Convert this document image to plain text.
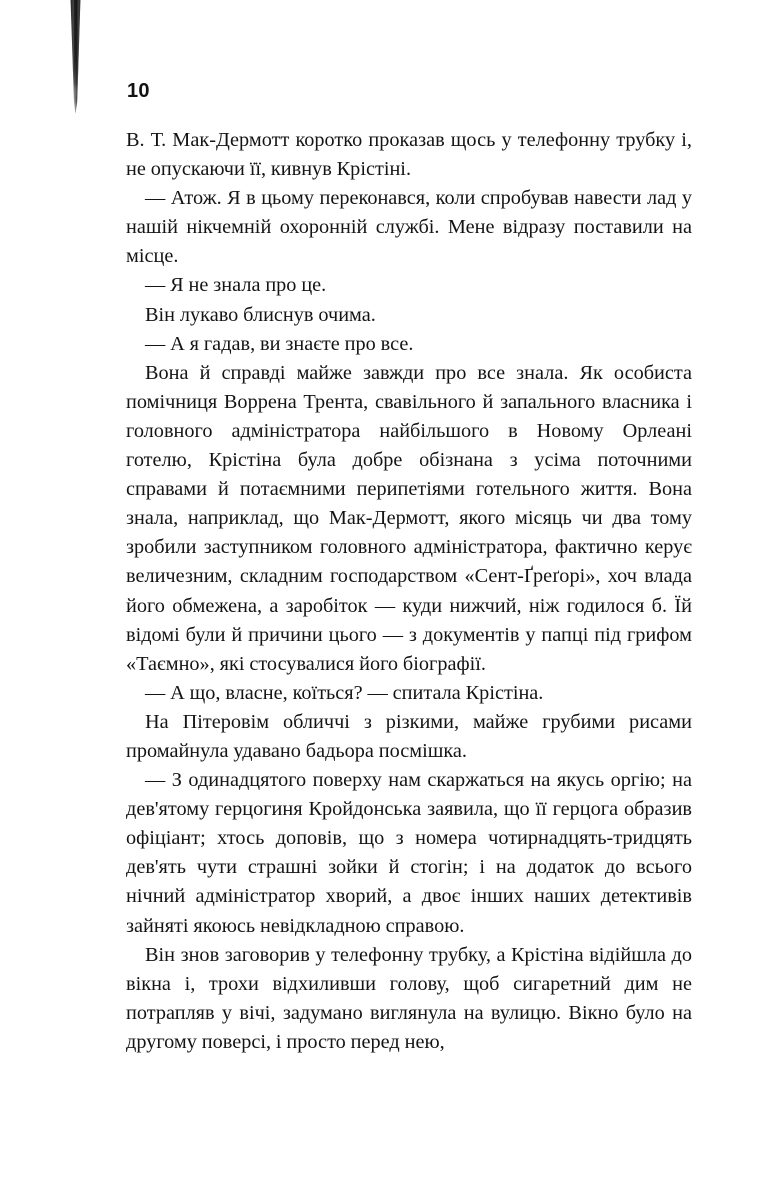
10

В. Т. Мак-Дермотт коротко проказав щось у телефонну трубку і, не опускаючи її, кивнув Крістіні.

— Атож. Я в цьому переконався, коли спробував навести лад у нашій нікчемній охоронній службі. Мене відразу поставили на місце.

— Я не знала про це.

Він лукаво блиснув очима.

— А я гадав, ви знаєте про все.

Вона й справді майже завжди про все знала. Як особиста помічниця Воррена Трента, свавільного й запального власника і головного адміністратора найбільшого в Новому Орлеані готелю, Крістіна була добре обізнана з усіма поточними справами й потаємними перипетіями готельного життя. Вона знала, наприклад, що Мак-Дермотт, якого місяць чи два тому зробили заступником головного адміністратора, фактично керує величезним, складним господарством «Сент-Ґреґорі», хоч влада його обмежена, а заробіток — куди нижчий, ніж годилося б. Їй відомі були й причини цього — з документів у папці під грифом «Таємно», які стосувалися його біографії.

— А що, власне, коїться? — спитала Крістіна.

На Пітеровім обличчі з різкими, майже грубими рисами промайнула удавано бадьора посмішка.

— З одинадцятого поверху нам скаржаться на якусь оргію; на дев'ятому герцогиня Кройдонська заявила, що її герцога образив офіціант; хтось доповів, що з номера чотирнадцять-тридцять дев'ять чути страшні зойки й стогін; і на додаток до всього нічний адміністратор хворий, а двоє інших наших детективів зайняті якоюсь невідкладною справою.

Він знов заговорив у телефонну трубку, а Крістіна відійшла до вікна і, трохи відхиливши голову, щоб сигаретний дим не потрапляв у вічі, задумано виглянула на вулицю. Вікно було на другому поверсі, і просто перед нею,
